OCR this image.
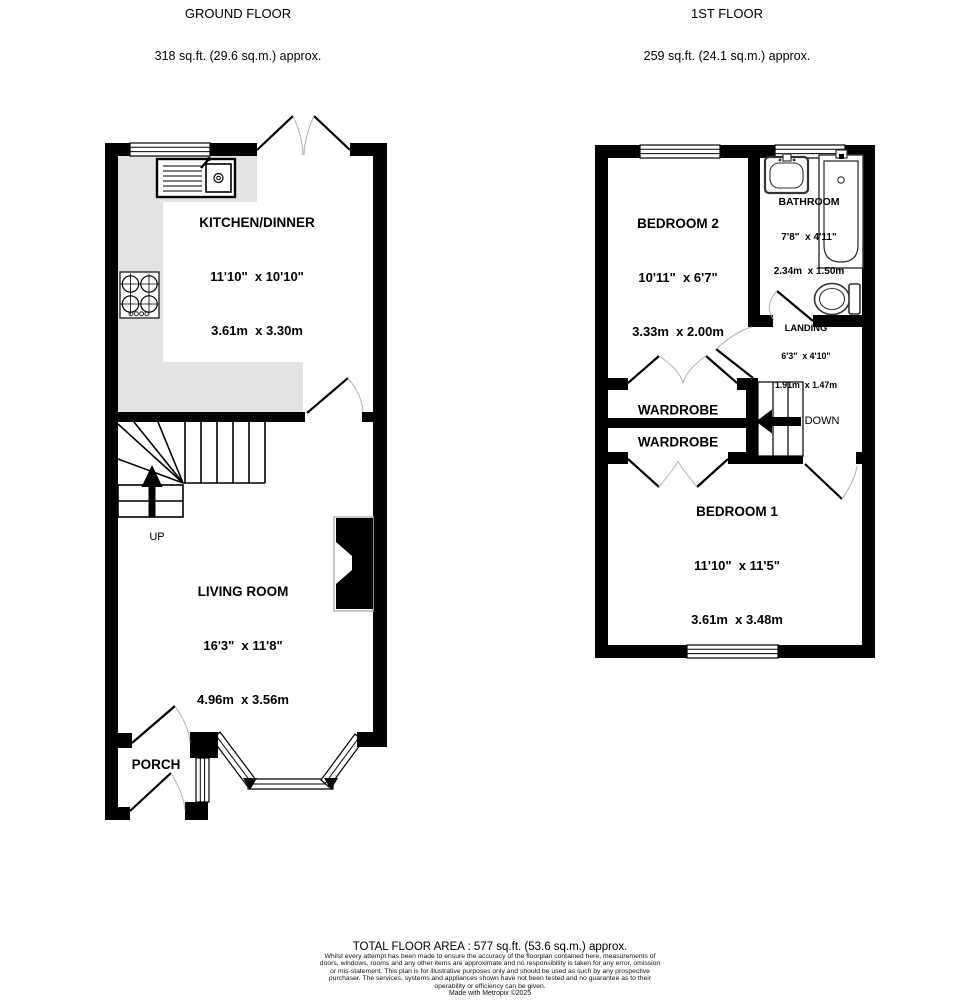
GROUND FLOOR

318 sq.ft. (29.6 sq.m.) approx.

1ST FLOOR

259 sq.ft. (24.1 sq.m.) approx.

KITCHEN/DINNER

11'10"  x 10'10"

3.61m  x 3.30m

LIVING ROOM

16'3"  x 11'8"

4.96m  x 3.56m

PORCH
UP

BEDROOM 2

10'11"  x 6'7"

3.33m  x 2.00m

BATHROOM

7'8"  x 4'11"

2.34m  x 1.50m

LANDING

6'3"  x 4'10"

1.91m  x 1.47m

WARDROBE
WARDROBE

BEDROOM 1

11'10"  x 11'5"

3.61m  x 3.48m

DOWN
TOTAL FLOOR AREA : 577 sq.ft. (53.6 sq.m.) approx.
Whilst every attempt has been made to ensure the accuracy of the floorplan contained here, measurements of doors, windows, rooms and any other items are approximate and no responsibility is taken for any error, omission or mis-statement. This plan is for illustrative purposes only and should be used as such by any prospective purchaser. The services, systems and appliances shown have not been tested and no guarantee as to their operability or efficiency can be given.
Made with Metropix ©2025
